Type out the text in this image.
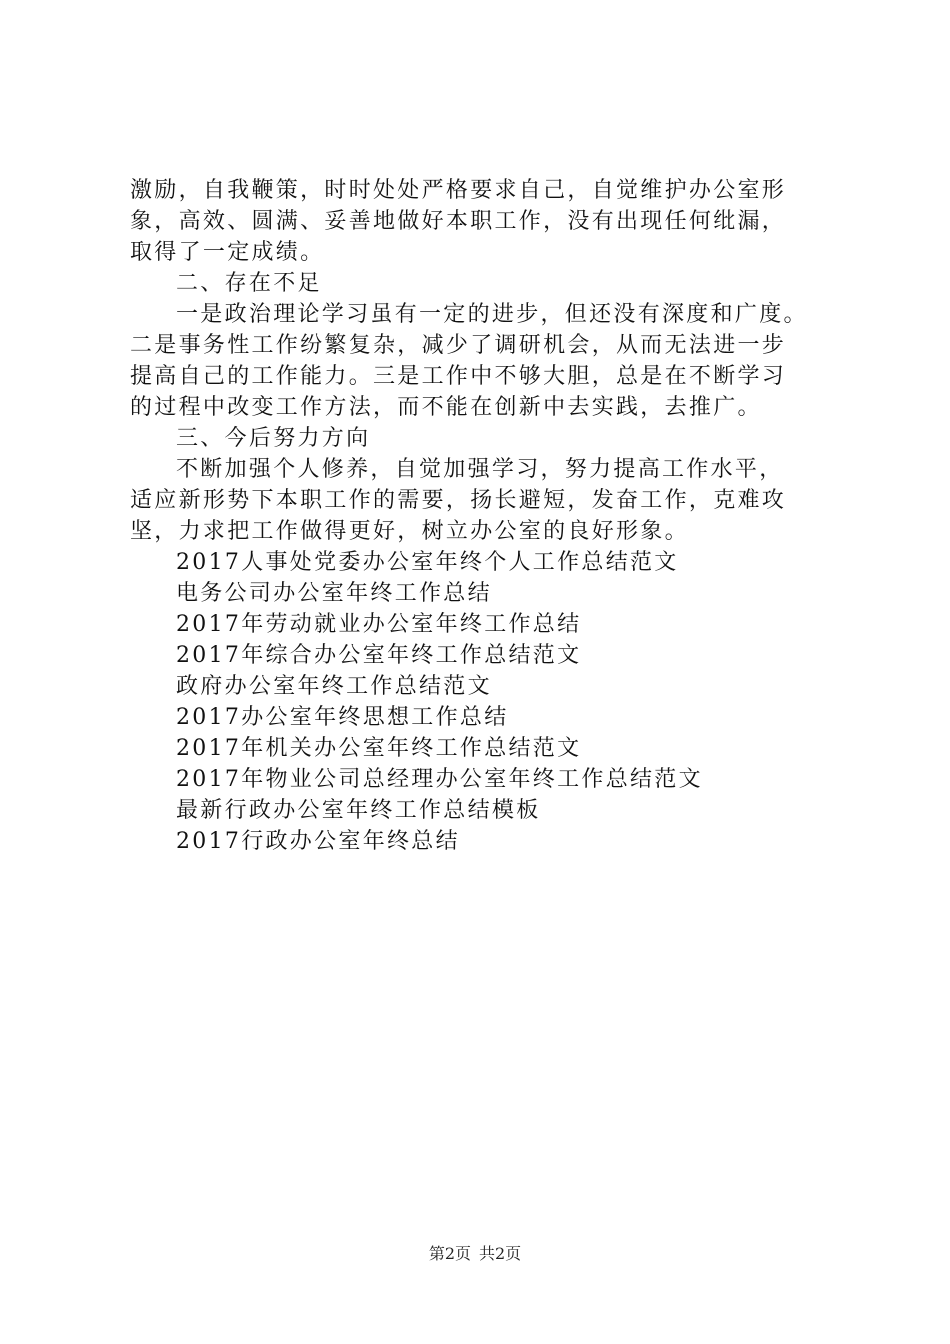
激励，自我鞭策，时时处处严格要求自己，自觉维护办公室形
象，高效、圆满、妥善地做好本职工作，没有出现任何纰漏，
取得了一定成绩。
二、存在不足
一是政治理论学习虽有一定的进步，但还没有深度和广度。
二是事务性工作纷繁复杂，减少了调研机会，从而无法进一步
提高自己的工作能力。三是工作中不够大胆，总是在不断学习
的过程中改变工作方法，而不能在创新中去实践，去推广。
三、今后努力方向
不断加强个人修养，自觉加强学习，努力提高工作水平，
适应新形势下本职工作的需要，扬长避短，发奋工作，克难攻
坚，力求把工作做得更好，树立办公室的良好形象。
2017人事处党委办公室年终个人工作总结范文
电务公司办公室年终工作总结
2017年劳动就业办公室年终工作总结
2017年综合办公室年终工作总结范文
政府办公室年终工作总结范文
2017办公室年终思想工作总结
2017年机关办公室年终工作总结范文
2017年物业公司总经理办公室年终工作总结范文
最新行政办公室年终工作总结模板
2017行政办公室年终总结
第2页 共2页
